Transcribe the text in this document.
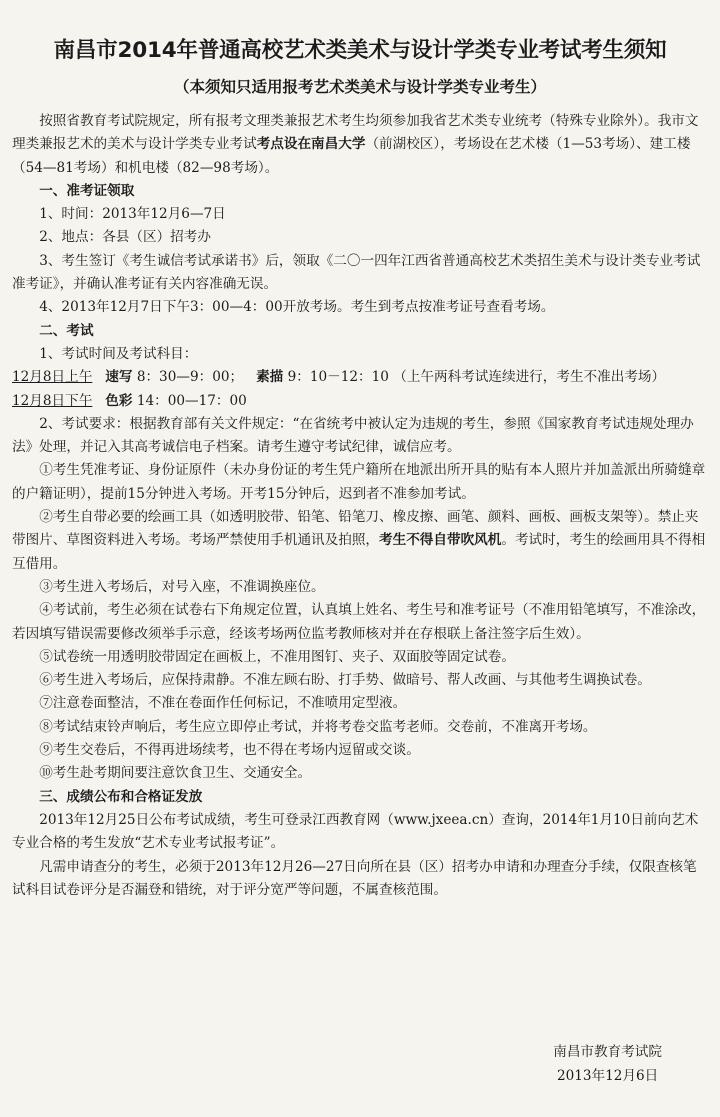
南昌市2014年普通高校艺术类美术与设计学类专业考试考生须知
（本须知只适用报考艺术类美术与设计学类专业考生）

按照省教育考试院规定，所有报考文理类兼报艺术考生均须参加我省艺术类专业统考（特殊专业除外）。我市文理类兼报艺术的美术与设计学类专业考试考点设在南昌大学（前湖校区），考场设在艺术楼（1—53考场）、建工楼（54—81考场）和机电楼（82—98考场）。

一、准考证领取

1、时间：2013年12月6—7日

2、地点：各县（区）招考办

3、考生签订《考生诚信考试承诺书》后，领取《二〇一四年江西省普通高校艺术类招生美术与设计类专业考试准考证》，并确认准考证有关内容准确无误。

4、2013年12月7日下午3：00—4：00开放考场。考生到考点按准考证号查看考场。

二、考试

1、考试时间及考试科目：

12月8日上午 速写 8：30—9：00； 素描 9：10－12：10 （上午两科考试连续进行，考生不准出考场）

12月8日下午 色彩 14：00—17：00

2、考试要求：根据教育部有关文件规定：“在省统考中被认定为违规的考生，参照《国家教育考试违规处理办法》处理，并记入其高考诚信电子档案。请考生遵守考试纪律，诚信应考。

①考生凭准考证、身份证原件（未办身份证的考生凭户籍所在地派出所开具的贴有本人照片并加盖派出所骑缝章的户籍证明），提前15分钟进入考场。开考15分钟后，迟到者不准参加考试。

②考生自带必要的绘画工具（如透明胶带、铅笔、铅笔刀、橡皮擦、画笔、颜料、画板、画板支架等）。禁止夹带图片、草图资料进入考场。考场严禁使用手机通讯及拍照，考生不得自带吹风机。考试时，考生的绘画用具不得相互借用。

③考生进入考场后，对号入座，不准调换座位。

④考试前，考生必须在试卷右下角规定位置，认真填上姓名、考生号和准考证号（不准用铅笔填写，不准涂改，若因填写错误需要修改须举手示意，经该考场两位监考教师核对并在存根联上备注签字后生效）。

⑤试卷统一用透明胶带固定在画板上，不准用图钉、夹子、双面胶等固定试卷。

⑥考生进入考场后，应保持肃静。不准左顾右盼、打手势、做暗号、帮人改画、与其他考生调换试卷。

⑦注意卷面整洁，不准在卷面作任何标记，不准喷用定型液。

⑧考试结束铃声响后，考生应立即停止考试，并将考卷交监考老师。交卷前，不准离开考场。

⑨考生交卷后，不得再进场续考，也不得在考场内逗留或交谈。

⑩考生赴考期间要注意饮食卫生、交通安全。

三、成绩公布和合格证发放

2013年12月25日公布考试成绩，考生可登录江西教育网（www.jxeea.cn）查询，2014年1月10日前向艺术专业合格的考生发放“艺术专业考试报考证”。

凡需申请查分的考生，必须于2013年12月26—27日向所在县（区）招考办申请和办理查分手续，仅限查核笔试科目试卷评分是否漏登和错统，对于评分宽严等问题，不属查核范围。

南昌市教育考试院
2013年12月6日
